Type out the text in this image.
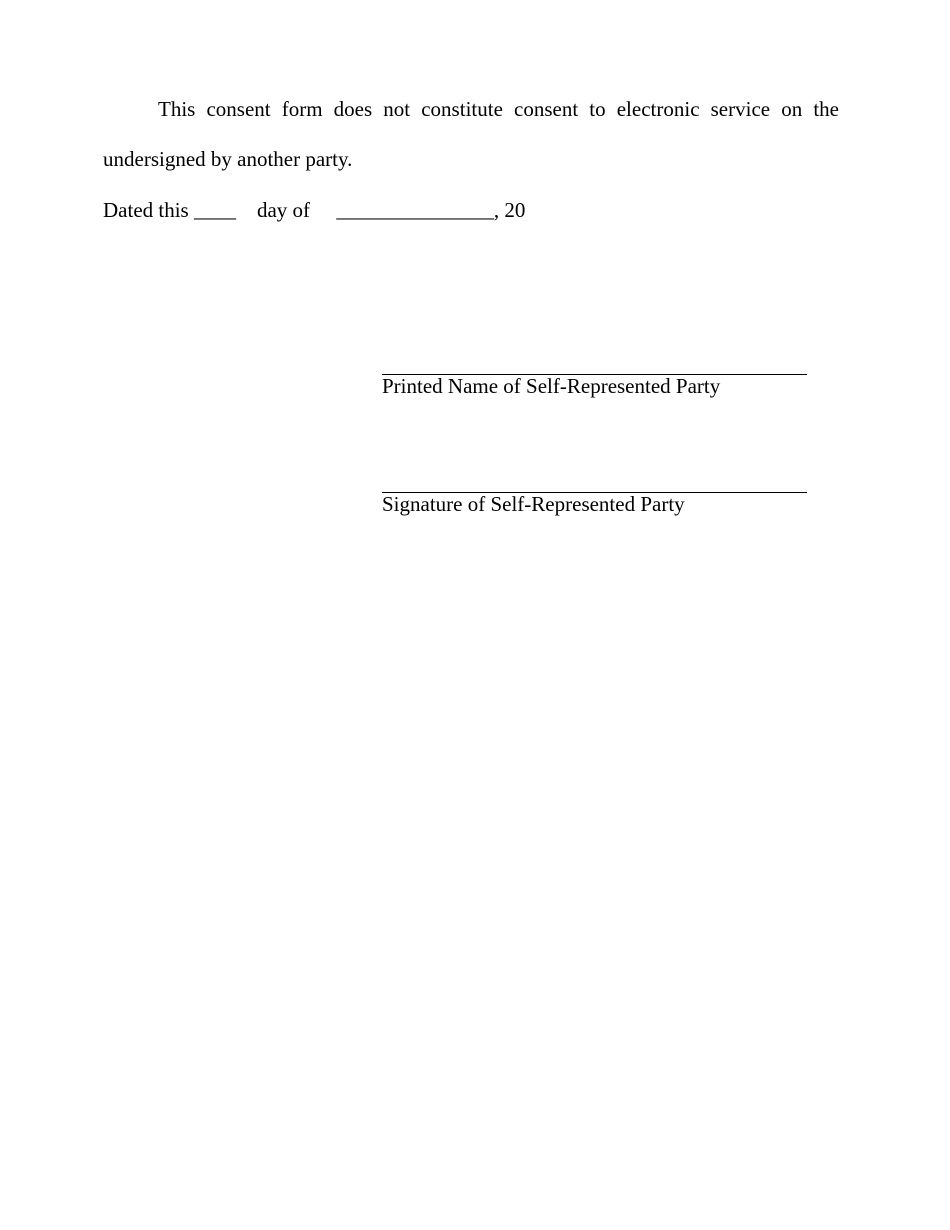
This consent form does not constitute consent to electronic service on the
undersigned by another party.
Dated this ____ day of _______________, 20
Printed Name of Self-Represented Party
Signature of Self-Represented Party
